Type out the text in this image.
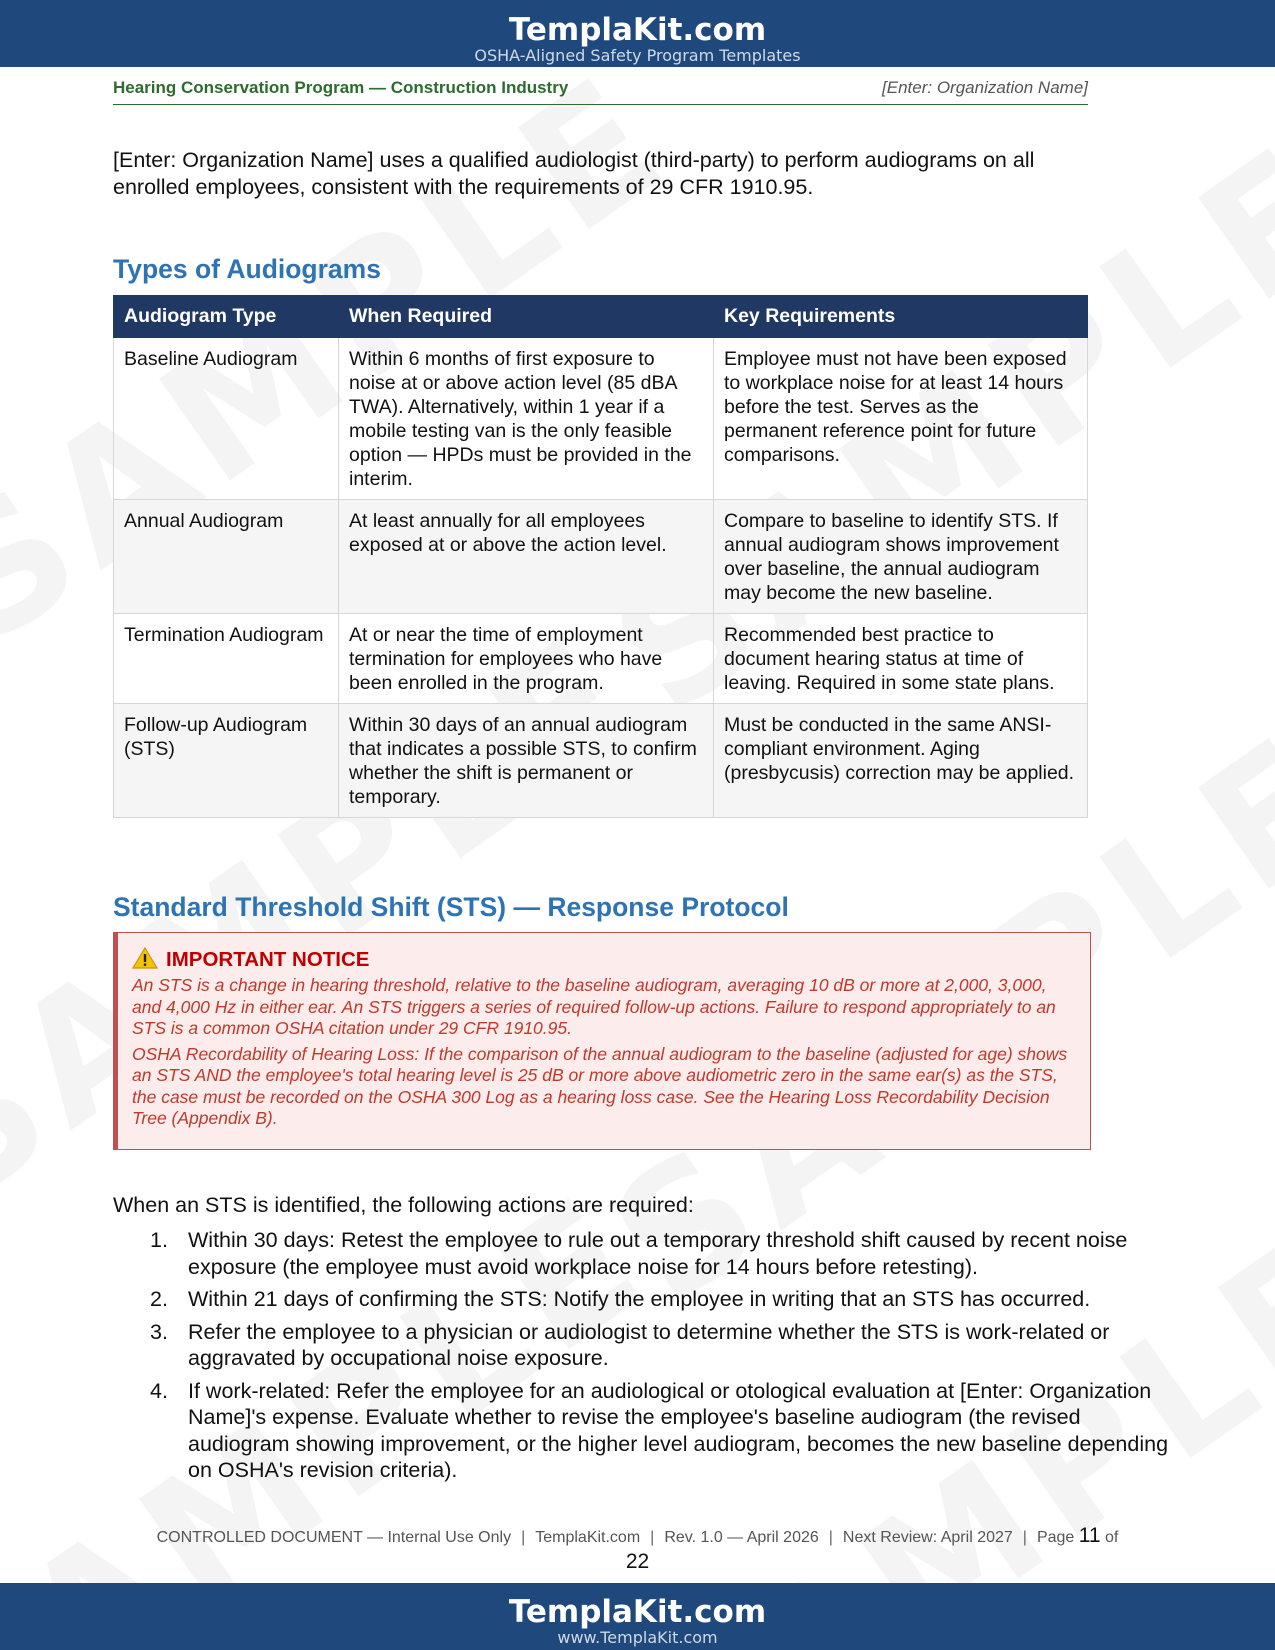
TemplaKit.com
OSHA-Aligned Safety Program Templates
Hearing Conservation Program — Construction Industry	[Enter: Organization Name]

[Enter: Organization Name] uses a qualified audiologist (third-party) to perform audiograms on all enrolled employees, consistent with the requirements of 29 CFR 1910.95.

Types of Audiograms
Audiogram Type	When Required	Key Requirements
Baseline Audiogram	Within 6 months of first exposure to noise at or above action level (85 dBA TWA). Alternatively, within 1 year if a mobile testing van is the only feasible option — HPDs must be provided in the interim.	Employee must not have been exposed to workplace noise for at least 14 hours before the test. Serves as the permanent reference point for future comparisons.
Annual Audiogram	At least annually for all employees exposed at or above the action level.	Compare to baseline to identify STS. If annual audiogram shows improvement over baseline, the annual audiogram may become the new baseline.
Termination Audiogram	At or near the time of employment termination for employees who have been enrolled in the program.	Recommended best practice to document hearing status at time of leaving. Required in some state plans.
Follow-up Audiogram (STS)	Within 30 days of an annual audiogram that indicates a possible STS, to confirm whether the shift is permanent or temporary.	Must be conducted in the same ANSI-compliant environment. Aging (presbycusis) correction may be applied.
Standard Threshold Shift (STS) — Response Protocol
IMPORTANT NOTICE

An STS is a change in hearing threshold, relative to the baseline audiogram, averaging 10 dB or more at 2,000, 3,000, and 4,000 Hz in either ear. An STS triggers a series of required follow-up actions. Failure to respond appropriately to an STS is a common OSHA citation under 29 CFR 1910.95.

OSHA Recordability of Hearing Loss: If the comparison of the annual audiogram to the baseline (adjusted for age) shows an STS AND the employee's total hearing level is 25 dB or more above audiometric zero in the same ear(s) as the STS, the case must be recorded on the OSHA 300 Log as a hearing loss case. See the Hearing Loss Recordability Decision Tree (Appendix B).

When an STS is identified, the following actions are required:

1. Within 30 days: Retest the employee to rule out a temporary threshold shift caused by recent noise exposure (the employee must avoid workplace noise for 14 hours before retesting).
2. Within 21 days of confirming the STS: Notify the employee in writing that an STS has occurred.
3. Refer the employee to a physician or audiologist to determine whether the STS is work-related or aggravated by occupational noise exposure.
4. If work-related: Refer the employee for an audiological or otological evaluation at [Enter: Organization Name]'s expense. Evaluate whether to revise the employee's baseline audiogram (the revised audiogram showing improvement, or the higher level audiogram, becomes the new baseline depending on OSHA's revision criteria).
CONTROLLED DOCUMENT — Internal Use Only | TemplaKit.com | Rev. 1.0 — April 2026 | Next Review: April 2027 | Page 11 of
22
TemplaKit.com
www.TemplaKit.com
